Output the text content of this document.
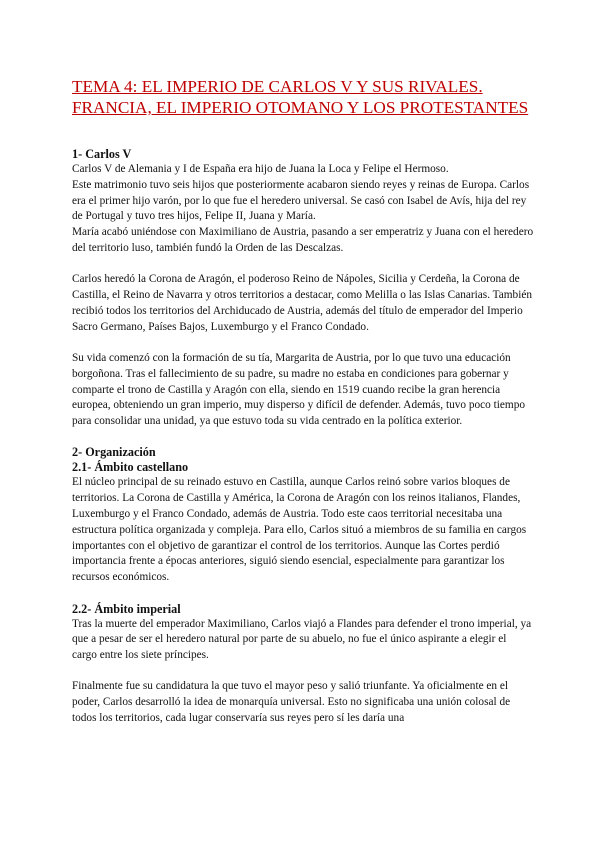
TEMA 4: EL IMPERIO DE CARLOS V Y SUS RIVALES. FRANCIA, EL IMPERIO OTOMANO Y LOS PROTESTANTES
1- Carlos V

Carlos V de Alemania y I de España era hijo de Juana la Loca y Felipe el Hermoso.

Este matrimonio tuvo seis hijos que posteriormente acabaron siendo reyes y reinas de Europa. Carlos era el primer hijo varón, por lo que fue el heredero universal. Se casó con Isabel de Avís, hija del rey de Portugal y tuvo tres hijos, Felipe II, Juana y María.

María acabó uniéndose con Maximiliano de Austria, pasando a ser emperatriz y Juana con el heredero del territorio luso, también fundó la Orden de las Descalzas.

Carlos heredó la Corona de Aragón, el poderoso Reino de Nápoles, Sicilia y Cerdeña, la Corona de Castilla, el Reino de Navarra y otros territorios a destacar, como Melilla o las Islas Canarias. También recibió todos los territorios del Archiducado de Austria, además del título de emperador del Imperio Sacro Germano, Países Bajos, Luxemburgo y el Franco Condado.

Su vida comenzó con la formación de su tía, Margarita de Austria, por lo que tuvo una educación borgoñona. Tras el fallecimiento de su padre, su madre no estaba en condiciones para gobernar y comparte el trono de Castilla y Aragón con ella, siendo en 1519 cuando recibe la gran herencia europea, obteniendo un gran imperio, muy disperso y difícil de defender. Además, tuvo poco tiempo para consolidar una unidad, ya que estuvo toda su vida centrado en la política exterior.

2- Organización
2.1- Ámbito castellano

El núcleo principal de su reinado estuvo en Castilla, aunque Carlos reinó sobre varios bloques de territorios. La Corona de Castilla y América, la Corona de Aragón con los reinos italianos, Flandes, Luxemburgo y el Franco Condado, además de Austria. Todo este caos territorial necesitaba una estructura política organizada y compleja. Para ello, Carlos situó a miembros de su familia en cargos importantes con el objetivo de garantizar el control de los territorios. Aunque las Cortes perdió importancia frente a épocas anteriores, siguió siendo esencial, especialmente para garantizar los recursos económicos.

2.2- Ámbito imperial

Tras la muerte del emperador Maximiliano, Carlos viajó a Flandes para defender el trono imperial, ya que a pesar de ser el heredero natural por parte de su abuelo, no fue el único aspirante a elegir el cargo entre los siete príncipes.

Finalmente fue su candidatura la que tuvo el mayor peso y salió triunfante. Ya oficialmente en el poder, Carlos desarrolló la idea de monarquía universal. Esto no significaba una unión colosal de todos los territorios, cada lugar conservaría sus reyes pero sí les daría una
